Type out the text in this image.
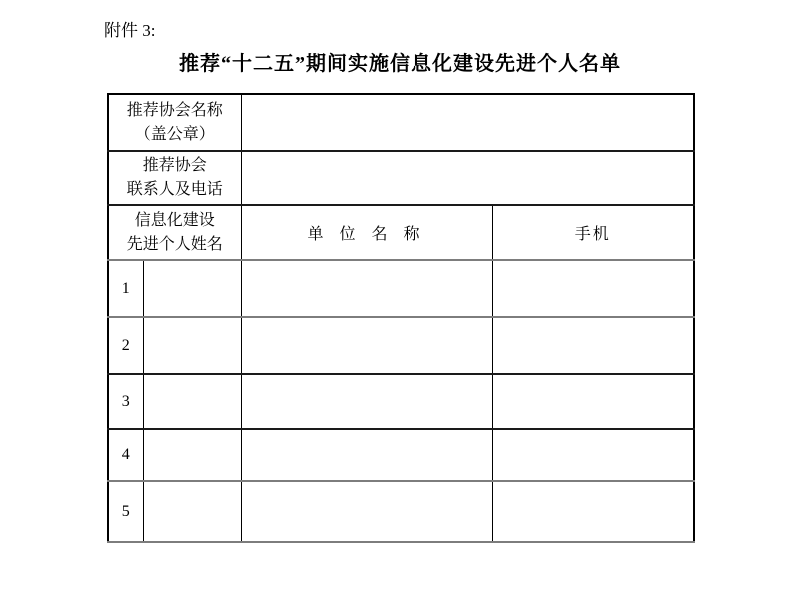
附件 3:
推荐“十二五”期间实施信息化建设先进个人名单
推荐协会名称
（盖公章）			

推荐协会
联系人及电话			

信息化建设
先进个人姓名		单 位 名 称	手机
1			
2			
3			
4			
5			
